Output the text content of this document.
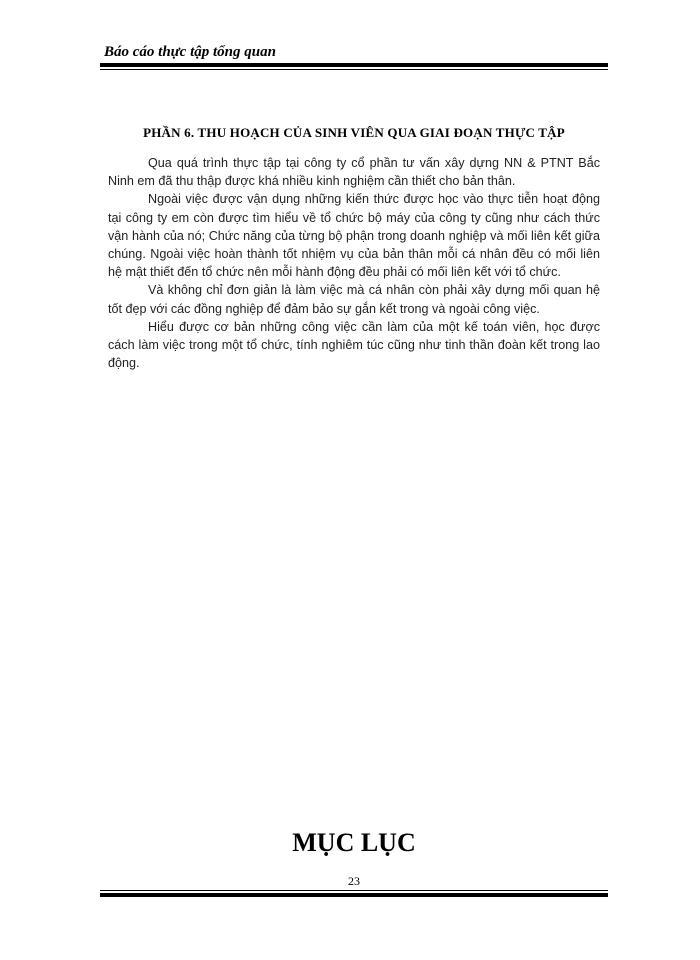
Báo cáo thực tập tổng quan
PHẦN 6. THU HOẠCH CỦA SINH VIÊN QUA GIAI ĐOẠN THỰC TẬP

Qua quá trình thực tập tại công ty cổ phần tư vấn xây dựng NN & PTNT Bắc Ninh em đã thu thập được khá nhiều kinh nghiệm cần thiết cho bản thân.

Ngoài việc được vận dụng những kiến thức được học vào thực tiễn hoạt động tại công ty em còn được tìm hiểu về tổ chức bộ máy của công ty cũng như cách thức vận hành của nó; Chức năng của từng bộ phận trong doanh nghiệp và mối liên kết giữa chúng. Ngoài việc hoàn thành tốt nhiệm vụ của bản thân mỗi cá nhân đều có mối liên hệ mật thiết đến tổ chức nên mỗi hành động đều phải có mối liên kết với tổ chức.

Và không chỉ đơn giản là làm việc mà cá nhân còn phải xây dựng mối quan hệ tốt đẹp với các đồng nghiệp để đảm bảo sự gắn kết trong và ngoài công việc.

Hiểu được cơ bản những công việc cần làm của một kế toán viên, học được cách làm việc trong một tổ chức, tính nghiêm túc cũng như tinh thần đoàn kết trong lao động.

MỤC LỤC
23
